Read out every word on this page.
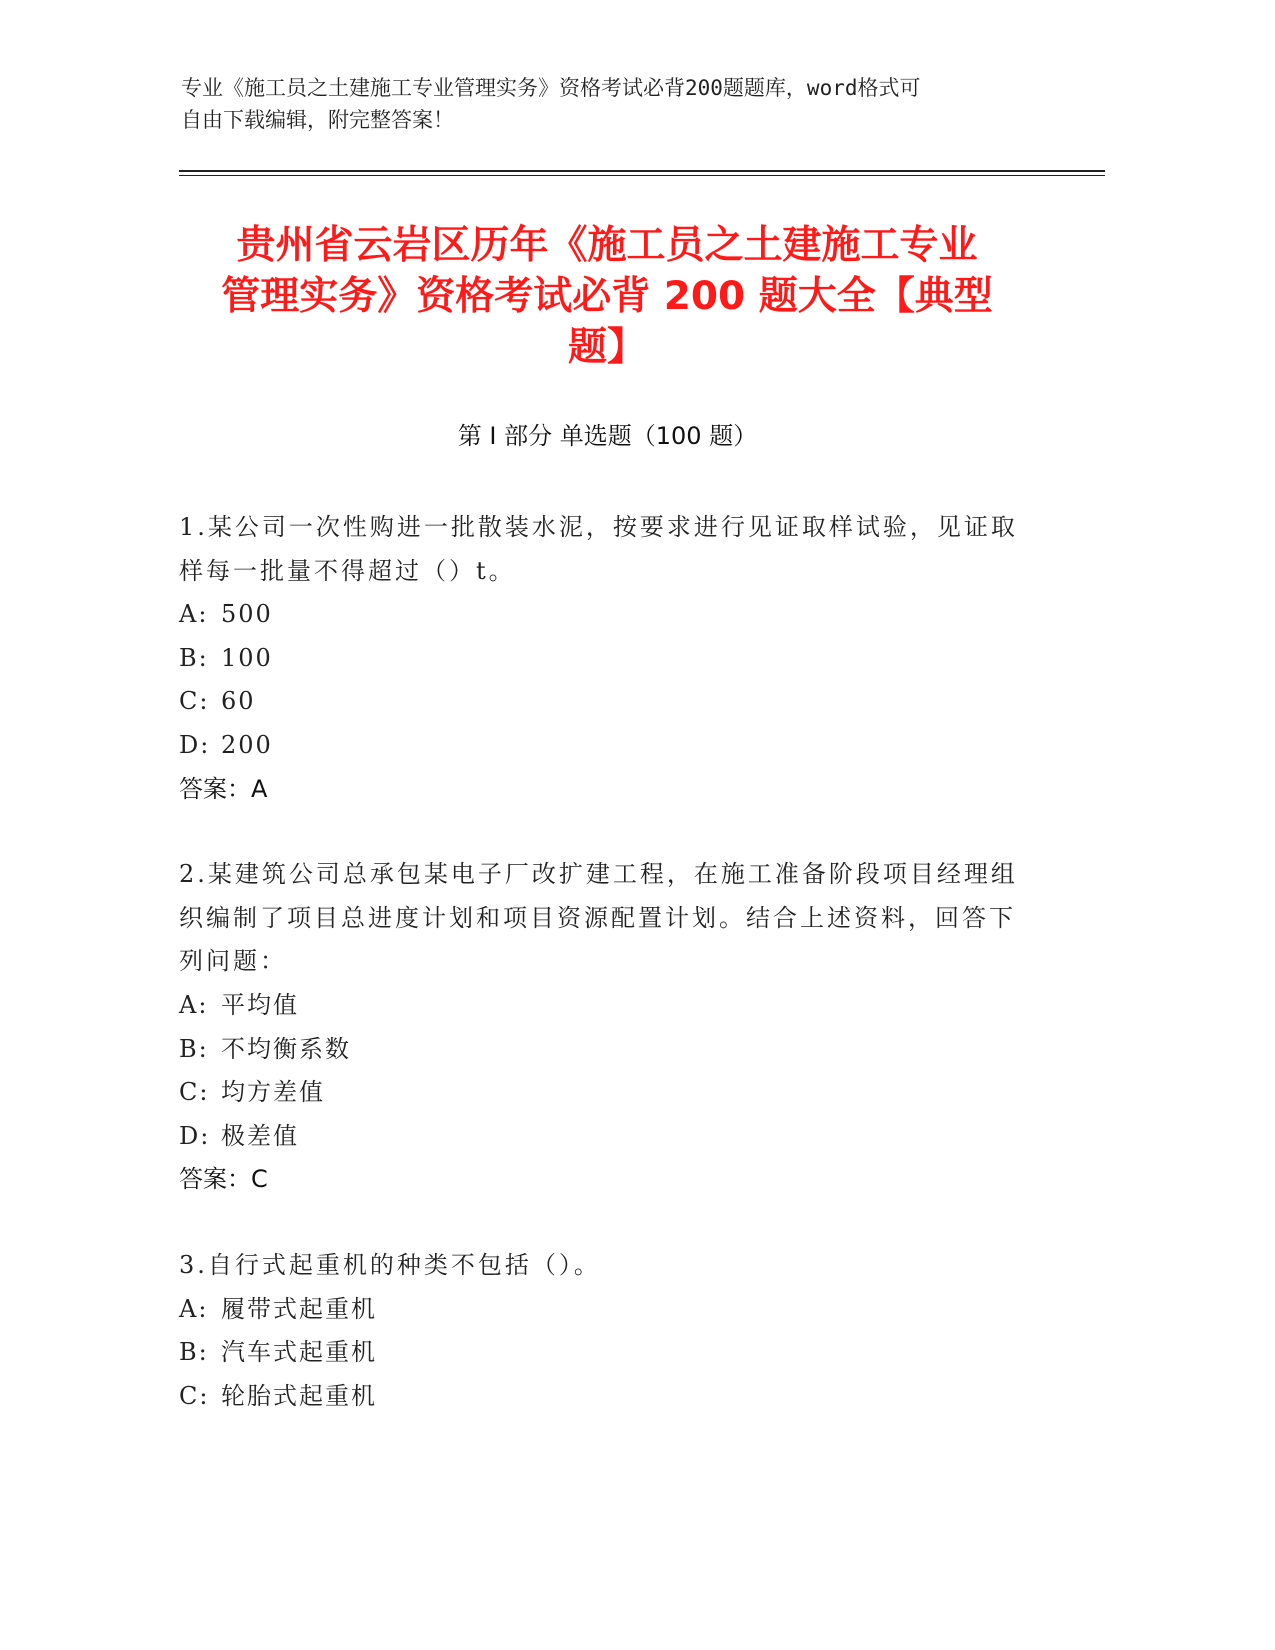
专业《施工员之土建施工专业管理实务》资格考试必背200题题库，word格式可
自由下载编辑，附完整答案！
贵州省云岩区历年《施工员之土建施工专业
管理实务》资格考试必背 200 题大全【典型
题】
第 I 部分 单选题（100 题）
1.某公司一次性购进一批散装水泥，按要求进行见证取样试验，见证取样每一批量不得超过（）t。
A: 500
B: 100
C: 60
D: 200
答案： A
2.某建筑公司总承包某电子厂改扩建工程，在施工准备阶段项目经理组织编制了项目总进度计划和项目资源配置计划。结合上述资料，回答下列问题：
A: 平均值
B: 不均衡系数
C: 均方差值
D: 极差值
答案： C
3.自行式起重机的种类不包括（）。
A: 履带式起重机
B: 汽车式起重机
C: 轮胎式起重机
